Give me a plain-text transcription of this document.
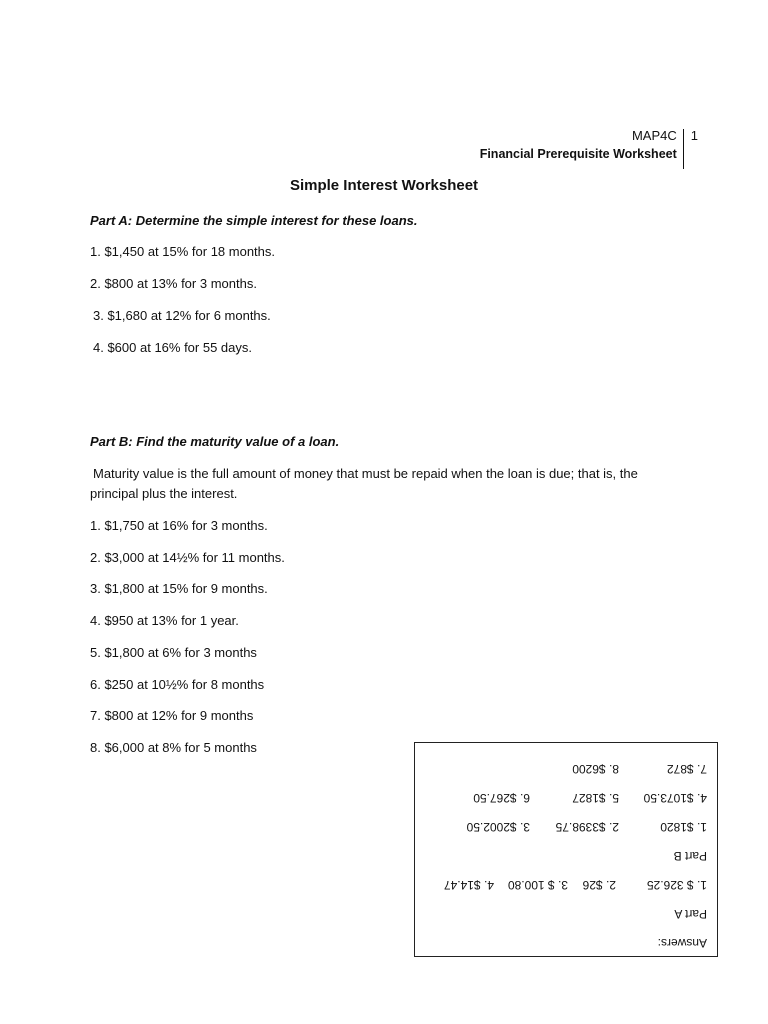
MAP4C
Financial Prerequisite Worksheet
1
Simple Interest Worksheet
Part A: Determine the simple interest for these loans.
1. $1,450 at 15% for 18 months.
2. $800 at 13% for 3 months.
3. $1,680 at 12% for 6 months.
4. $600 at 16% for 55 days.
Part B: Find the maturity value of a loan.
Maturity value is the full amount of money that must be repaid when the loan is due; that is, the principal plus the interest.
1. $1,750 at 16% for 3 months.
2. $3,000 at 14½% for 11 months.
3. $1,800 at 15% for 9 months.
4. $950 at 13% for 1 year.
5. $1,800 at 6% for 3 months
6. $250 at 10½% for 8 months
7. $800 at 12% for 9 months
8. $6,000 at 8% for 5 months
Answers:
Part A
1. $ 326.25
2. $26
3. $ 100.80
4. $14.47
Part B
1. $1820
2. $3398.75
3. $2002.50
4. $1073.50
5. $1827
6. $267.50
7. $872
8. $6200
